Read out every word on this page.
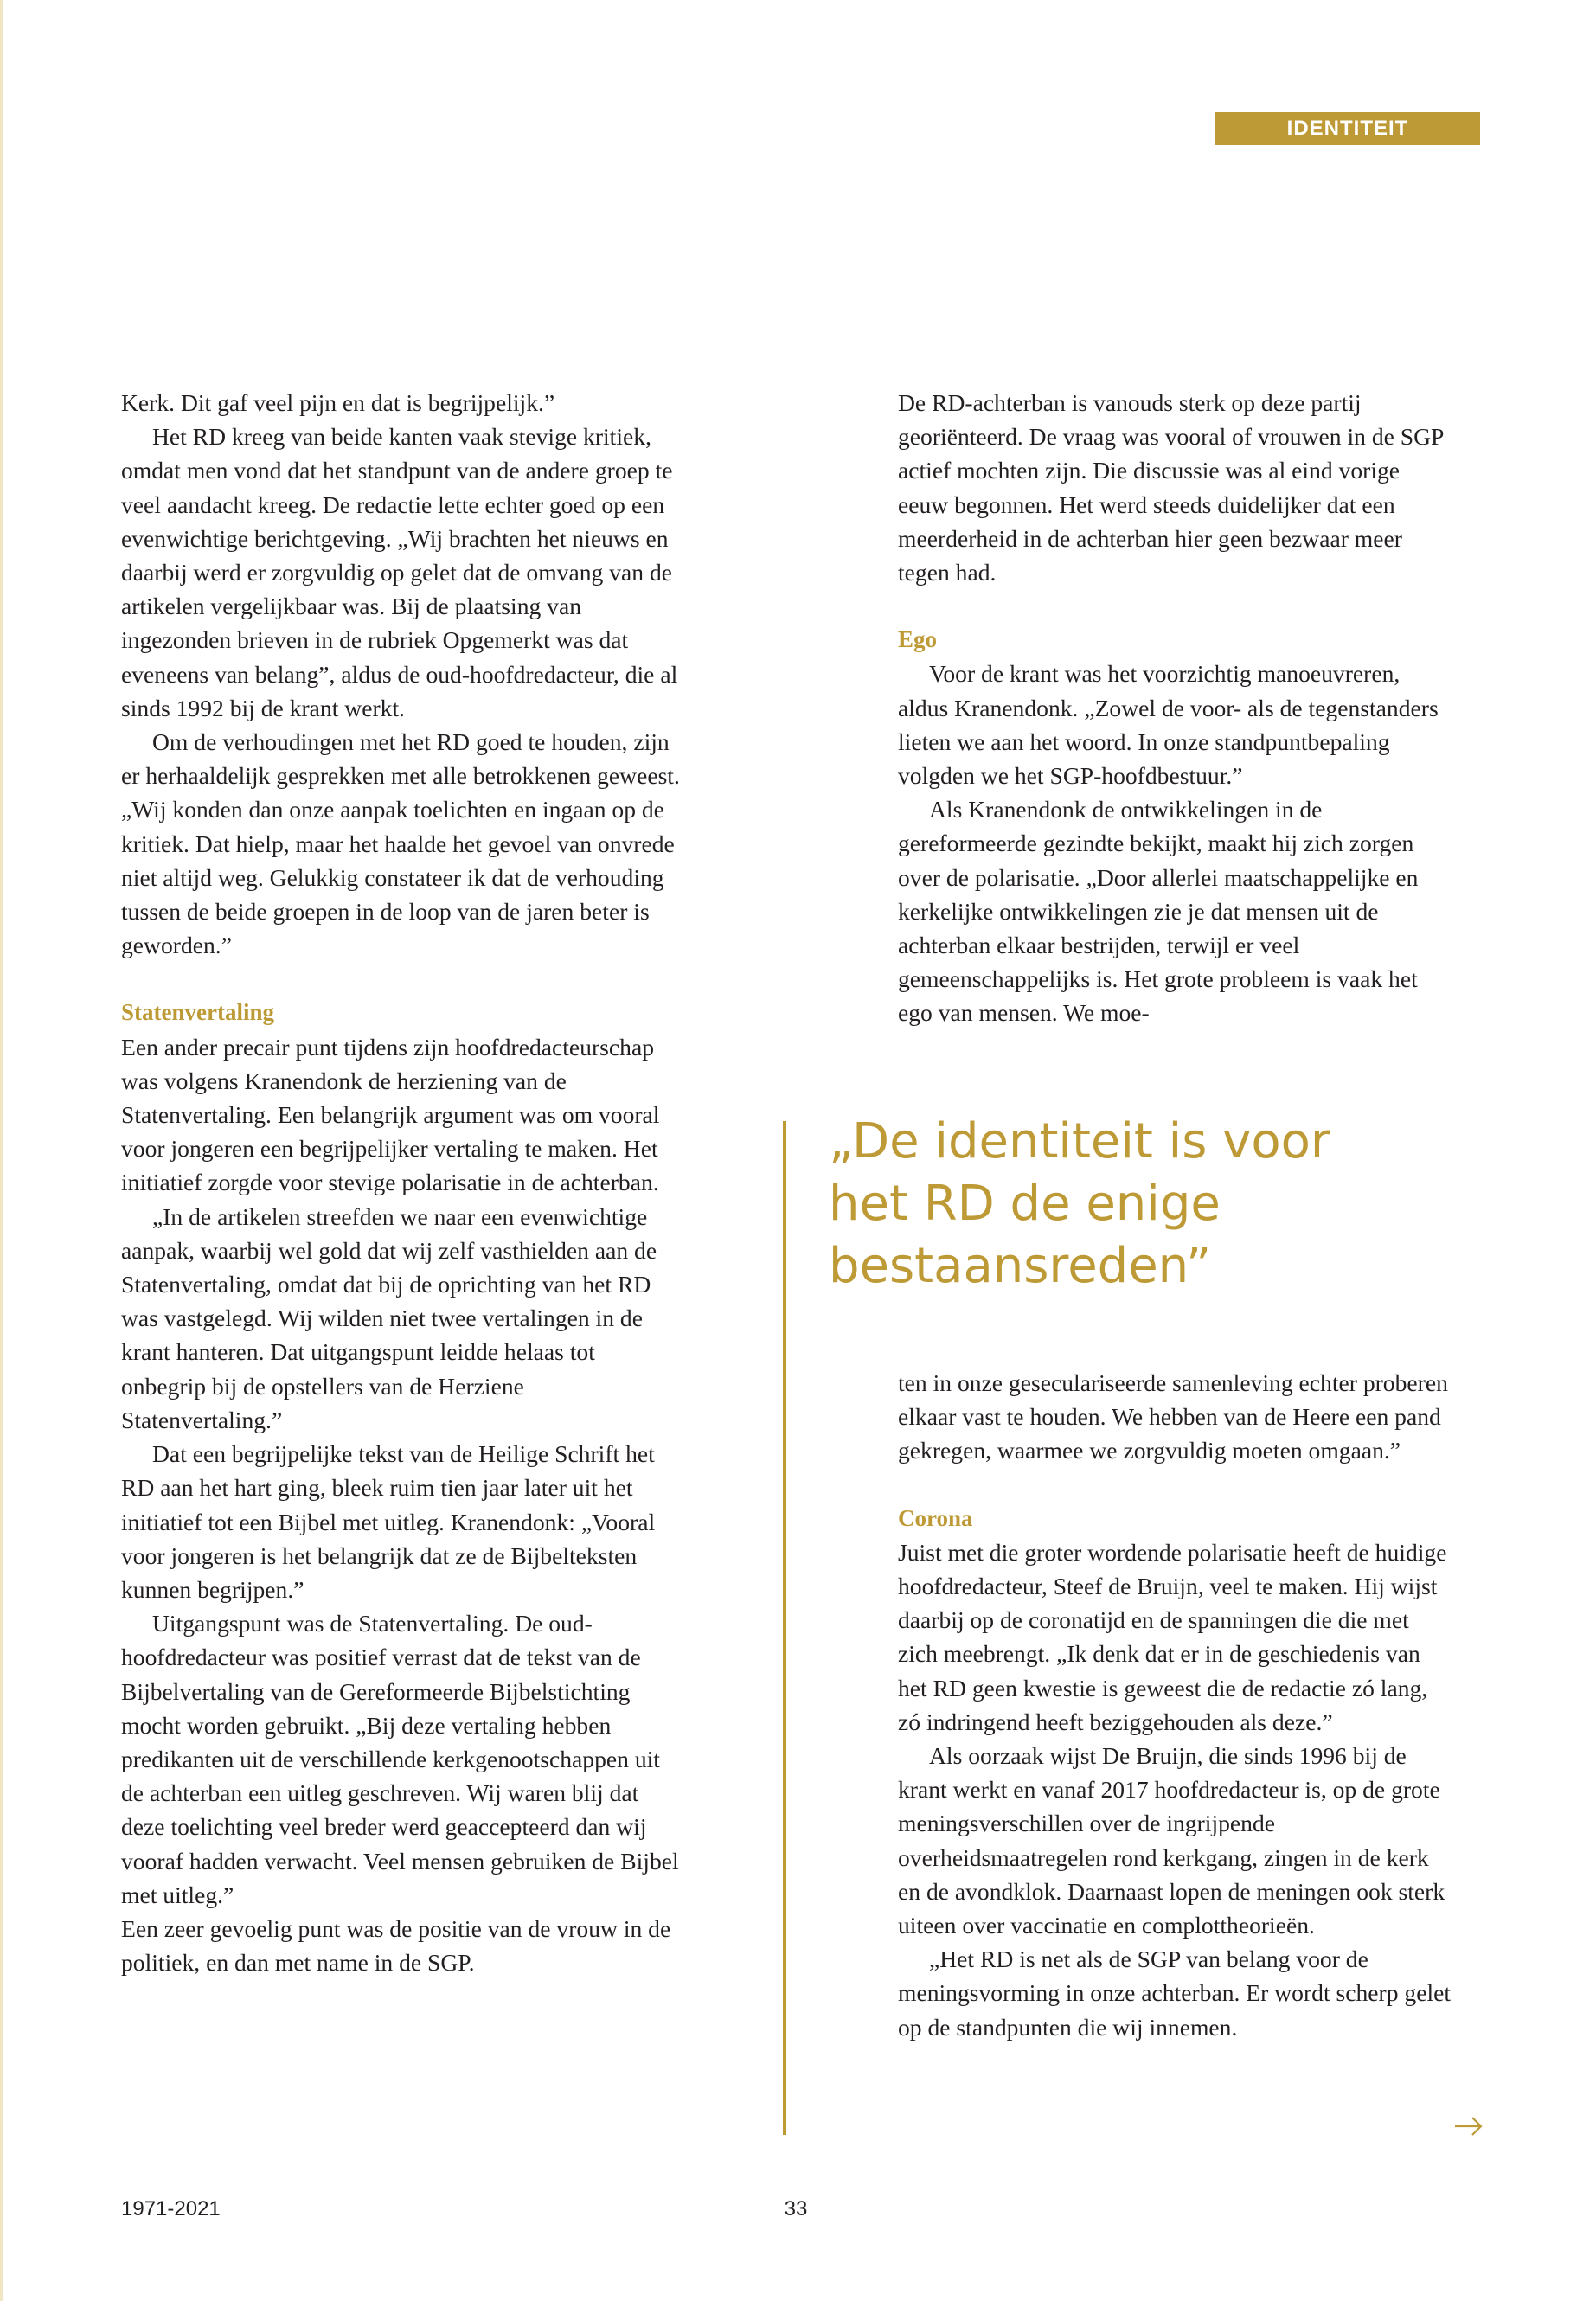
IDENTITEIT

Kerk. Dit gaf veel pijn en dat is begrijpelijk.”

Het RD kreeg van beide kanten vaak stevige kritiek, omdat men vond dat het standpunt van de andere groep te veel aandacht kreeg. De redactie lette echter goed op een evenwichtige berichtgeving. „Wij brachten het nieuws en daarbij werd er zorgvuldig op gelet dat de omvang van de artikelen vergelijkbaar was. Bij de plaatsing van ingezonden brieven in de rubriek Opgemerkt was dat eveneens van belang”, aldus de oud-hoofdredacteur, die al sinds 1992 bij de krant werkt.

Om de verhoudingen met het RD goed te houden, zijn er herhaaldelijk gesprekken met alle betrokkenen geweest. „Wij konden dan onze aanpak toelichten en ingaan op de kritiek. Dat hielp, maar het haalde het gevoel van onvrede niet altijd weg. Gelukkig constateer ik dat de verhouding tussen de beide groepen in de loop van de jaren beter is geworden.”

Statenvertaling

Een ander precair punt tijdens zijn hoofdredacteurschap was volgens Kranendonk de herziening van de Statenvertaling. Een belangrijk argument was om vooral voor jongeren een begrijpelijker vertaling te maken. Het initiatief zorgde voor stevige polarisatie in de achterban.

„In de artikelen streefden we naar een evenwichtige aanpak, waarbij wel gold dat wij zelf vasthielden aan de Statenvertaling, omdat dat bij de oprichting van het RD was vastgelegd. Wij wilden niet twee vertalingen in de krant hanteren. Dat uitgangspunt leidde helaas tot onbegrip bij de opstellers van de Herziene Statenvertaling.”

Dat een begrijpelijke tekst van de Heilige Schrift het RD aan het hart ging, bleek ruim tien jaar later uit het initiatief tot een Bijbel met uitleg. Kranendonk: „Vooral voor jongeren is het belangrijk dat ze de Bijbelteksten kunnen begrijpen.”

Uitgangspunt was de Statenvertaling. De oud-hoofdredacteur was positief verrast dat de tekst van de Bijbelvertaling van de Gereformeerde Bijbelstichting mocht worden gebruikt. „Bij deze vertaling hebben predikanten uit de verschillende kerkgenootschappen uit de achterban een uitleg geschreven. Wij waren blij dat deze toelichting veel breder werd geaccepteerd dan wij vooraf hadden verwacht. Veel mensen gebruiken de Bijbel met uitleg.”

Een zeer gevoelig punt was de positie van de vrouw in de politiek, en dan met name in de SGP.

De RD-achterban is vanouds sterk op deze partij georiënteerd. De vraag was vooral of vrouwen in de SGP actief mochten zijn. Die discussie was al eind vorige eeuw begonnen. Het werd steeds duidelijker dat een meerderheid in de achterban hier geen bezwaar meer tegen had.

Ego

Voor de krant was het voorzichtig manoeuvreren, aldus Kranendonk. „Zowel de voor- als de tegenstanders lieten we aan het woord. In onze standpuntbepaling volgden we het SGP-hoofdbestuur.”

Als Kranendonk de ontwikkelingen in de gereformeerde gezindte bekijkt, maakt hij zich zorgen over de polarisatie. „Door allerlei maatschappelijke en kerkelijke ontwikkelingen zie je dat mensen uit de achterban elkaar bestrijden, terwijl er veel gemeenschappelijks is. Het grote probleem is vaak het ego van mensen. We moe-

„De identiteit is voor het RD de enige bestaansreden”

ten in onze geseculariseerde samenleving echter proberen elkaar vast te houden. We hebben van de Heere een pand gekregen, waarmee we zorgvuldig moeten omgaan.”

Corona

Juist met die groter wordende polarisatie heeft de huidige hoofdredacteur, Steef de Bruijn, veel te maken. Hij wijst daarbij op de coronatijd en de spanningen die die met zich meebrengt. „Ik denk dat er in de geschiedenis van het RD geen kwestie is geweest die de redactie zó lang, zó indringend heeft beziggehouden als deze.”

Als oorzaak wijst De Bruijn, die sinds 1996 bij de krant werkt en vanaf 2017 hoofdredacteur is, op de grote meningsverschillen over de ingrijpende overheidsmaatregelen rond kerkgang, zingen in de kerk en de avondklok. Daarnaast lopen de meningen ook sterk uiteen over vaccinatie en complottheorieën.

„Het RD is net als de SGP van belang voor de meningsvorming in onze achterban. Er wordt scherp gelet op de standpunten die wij innemen.

1971-2021	33
